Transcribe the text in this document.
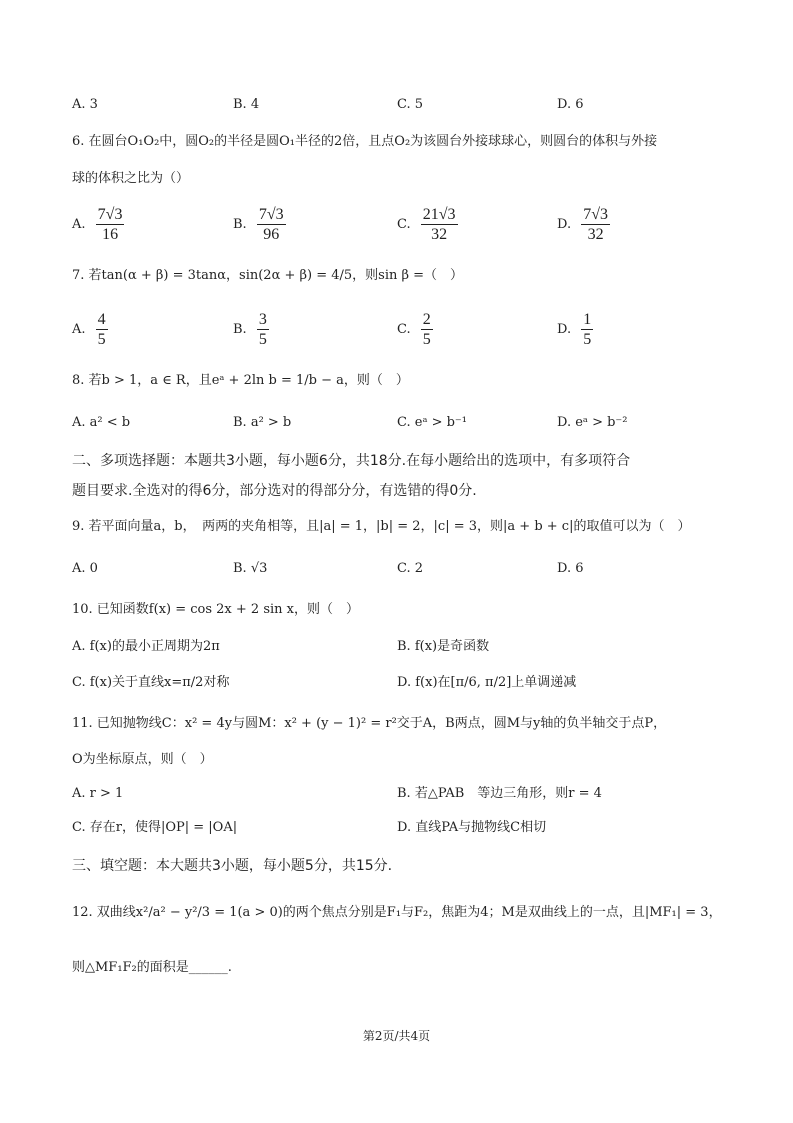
A. 3	B. 4	C. 5	D. 6
6. 在圆台O₁O₂中，圆O₂的半径是圆O₁半径的2倍，且点O₂为该圆台外接球球心，则圆台的体积与外接
球的体积之比为（）
A. $\frac{7√3}{16}$	B. $\frac{7√3}{96}$	C. $\frac{21√3}{32}$	D. $\frac{7√3}{32}$
7. 若tan(α + β) = 3tanα，sin(2α + β) = 4/5，则sin β =（　）
A. $\frac{4}{5}$	B. $\frac{3}{5}$	C. $\frac{2}{5}$	D. $\frac{1}{5}$
8. 若b > 1，a ∈ R，且eᵃ + 2ln b = 1/b − a，则（　）
A. a² < b	B. a² > b	C. eᵃ > b⁻¹	D. eᵃ > b⁻²
二、多项选择题：本题共3小题，每小题6分，共18分.在每小题给出的选项中，有多项符合
题目要求.全选对的得6分，部分选对的得部分分，有选错的得0分.
9. 若平面向量a，b，　两两的夹角相等，且|a| = 1，|b| = 2，|c| = 3，则|a + b + c|的取值可以为（　）
A. 0	B. √3	C. 2	D. 6
10. 已知函数f(x) = cos 2x + 2 sin x，则（　）
A. f(x)的最小正周期为2π	B. f(x)是奇函数
C. f(x)关于直线x=π/2对称	D. f(x)在[π/6, π/2]上单调递减
11. 已知抛物线C：x² = 4y与圆M：x² + (y − 1)² = r²交于A，B两点，圆M与y轴的负半轴交于点P，
O为坐标原点，则（　）
A. r > 1	B. 若△PAB　等边三角形，则r = 4
C. 存在r，使得|OP| = |OA|	D. 直线PA与抛物线C相切
三、填空题：本大题共3小题，每小题5分，共15分.
12. 双曲线x²/a² − y²/3 = 1(a > 0)的两个焦点分别是F₁与F₂，焦距为4；M是双曲线上的一点，且|MF₁| = 3，
则△MF₁F₂的面积是______.
第2页/共4页
